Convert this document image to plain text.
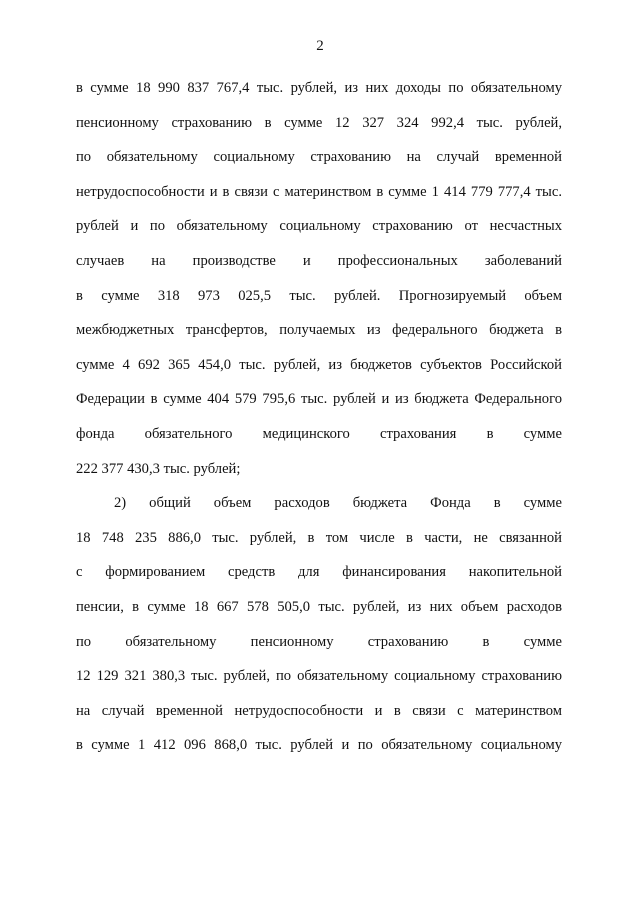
2
в сумме 18 990 837 767,4 тыс. рублей, из них доходы по обязательному
пенсионному страхованию в сумме 12 327 324 992,4 тыс. рублей,
по обязательному социальному страхованию на случай временной
нетрудоспособности и в связи с материнством в сумме 1 414 779 777,4 тыс.
рублей и по обязательному социальному страхованию от несчастных
случаев на производстве и профессиональных заболеваний
в сумме 318 973 025,5 тыс. рублей. Прогнозируемый объем
межбюджетных трансфертов, получаемых из федерального бюджета в
сумме 4 692 365 454,0 тыс. рублей, из бюджетов субъектов Российской
Федерации в сумме 404 579 795,6 тыс. рублей и из бюджета Федерального
фонда обязательного медицинского страхования в сумме
222 377 430,3 тыс. рублей;
2) общий объем расходов бюджета Фонда в сумме
18 748 235 886,0 тыс. рублей, в том числе в части, не связанной
с формированием средств для финансирования накопительной
пенсии, в сумме 18 667 578 505,0 тыс. рублей, из них объем расходов
по обязательному пенсионному страхованию в сумме
12 129 321 380,3 тыс. рублей, по обязательному социальному страхованию
на случай временной нетрудоспособности и в связи с материнством
в сумме 1 412 096 868,0 тыс. рублей и по обязательному социальному
